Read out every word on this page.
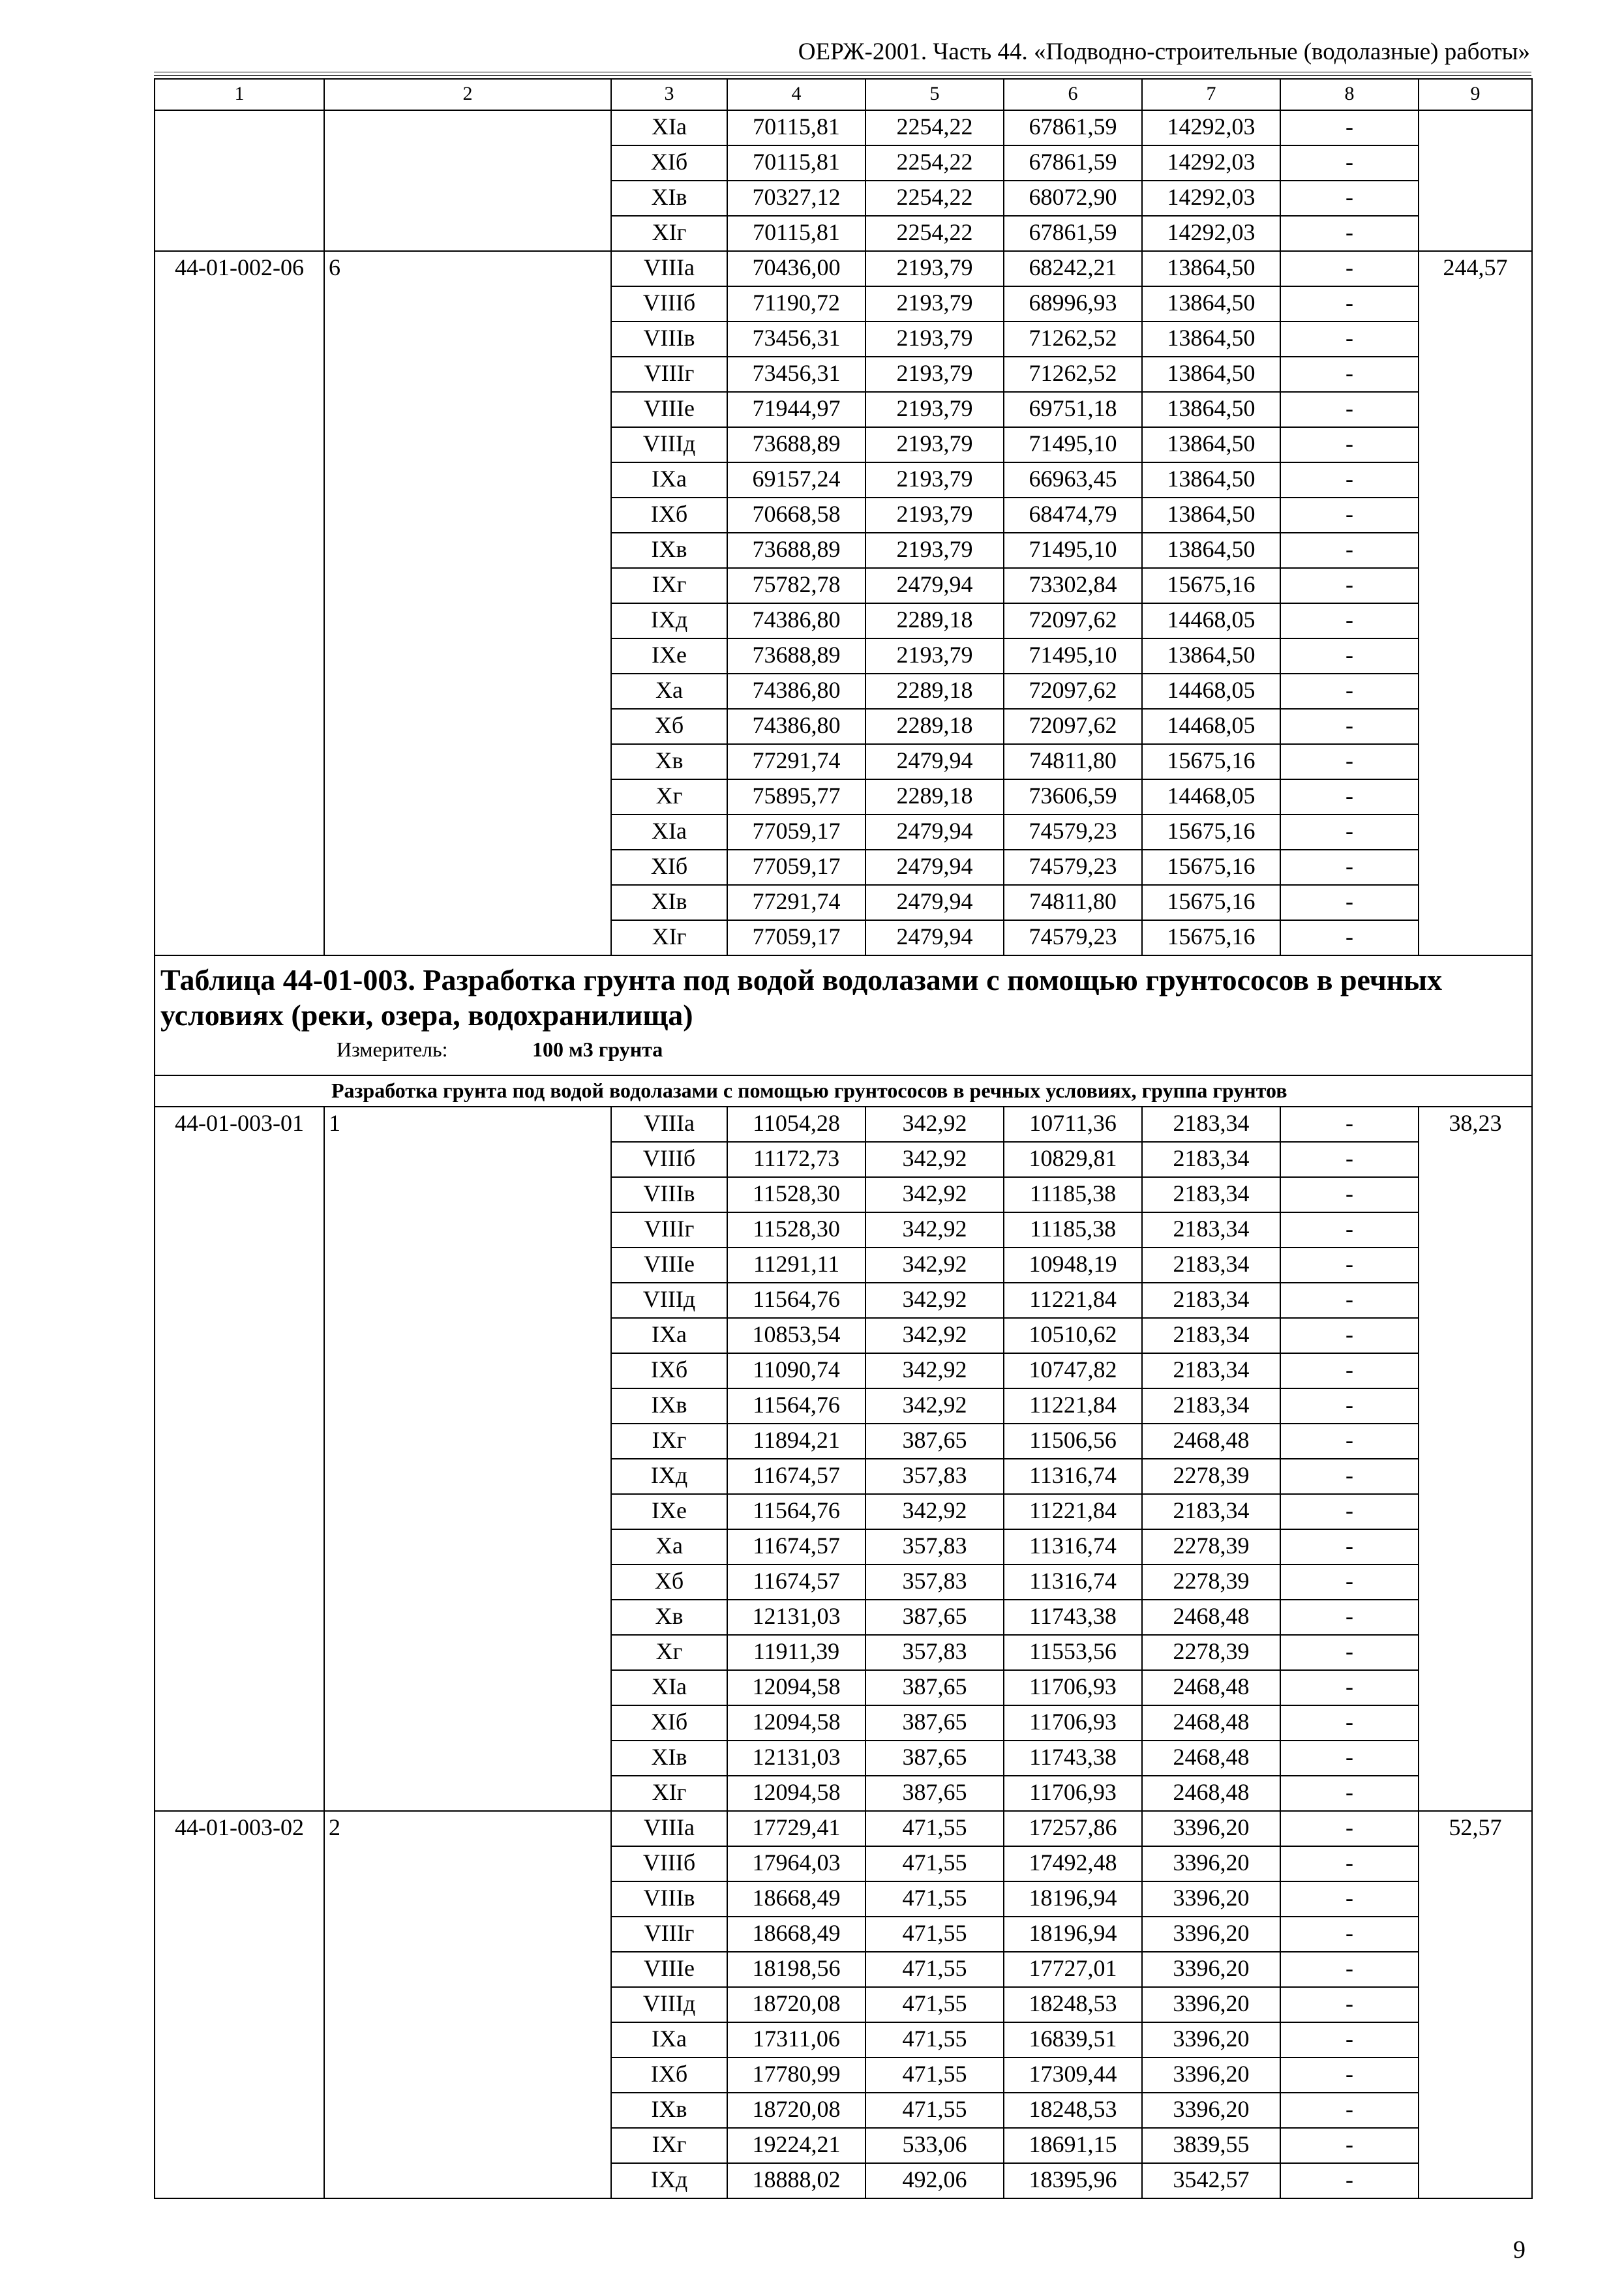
ОЕРЖ-2001. Часть 44. «Подводно-строительные (водолазные) работы»
1	2	3	4	5	6	7	8	9
		XIa	70115,81	2254,22	67861,59	14292,03	-	
		XIб	70115,81	2254,22	67861,59	14292,03	-	
		XIв	70327,12	2254,22	68072,90	14292,03	-	
		XIг	70115,81	2254,22	67861,59	14292,03	-	
44-01-002-06	6	VIIIa	70436,00	2193,79	68242,21	13864,50	-	244,57
		VIIIб	71190,72	2193,79	68996,93	13864,50	-	
		VIIIв	73456,31	2193,79	71262,52	13864,50	-	
		VIIIг	73456,31	2193,79	71262,52	13864,50	-	
		VIIIe	71944,97	2193,79	69751,18	13864,50	-	
		VIIIд	73688,89	2193,79	71495,10	13864,50	-	
		IXa	69157,24	2193,79	66963,45	13864,50	-	
		IXб	70668,58	2193,79	68474,79	13864,50	-	
		IXв	73688,89	2193,79	71495,10	13864,50	-	
		IXг	75782,78	2479,94	73302,84	15675,16	-	
		IXд	74386,80	2289,18	72097,62	14468,05	-	
		IXe	73688,89	2193,79	71495,10	13864,50	-	
		Xa	74386,80	2289,18	72097,62	14468,05	-	
		Xб	74386,80	2289,18	72097,62	14468,05	-	
		Xв	77291,74	2479,94	74811,80	15675,16	-	
		Xг	75895,77	2289,18	73606,59	14468,05	-	
		XIa	77059,17	2479,94	74579,23	15675,16	-	
		XIб	77059,17	2479,94	74579,23	15675,16	-	
		XIв	77291,74	2479,94	74811,80	15675,16	-	
		XIг	77059,17	2479,94	74579,23	15675,16	-	

Таблица 44-01-003. Разработка грунта под водой водолазами с помощью грунтососов в речных условиях (реки, озера, водохранилища)
Измеритель: 100 м3 грунта								

Разработка грунта под водой водолазами с помощью грунтососов в речных условиях, группа грунтов								
44-01-003-01	1	VIIIa	11054,28	342,92	10711,36	2183,34	-	38,23
		VIIIб	11172,73	342,92	10829,81	2183,34	-	
		VIIIв	11528,30	342,92	11185,38	2183,34	-	
		VIIIг	11528,30	342,92	11185,38	2183,34	-	
		VIIIe	11291,11	342,92	10948,19	2183,34	-	
		VIIIд	11564,76	342,92	11221,84	2183,34	-	
		IXa	10853,54	342,92	10510,62	2183,34	-	
		IXб	11090,74	342,92	10747,82	2183,34	-	
		IXв	11564,76	342,92	11221,84	2183,34	-	
		IXг	11894,21	387,65	11506,56	2468,48	-	
		IXд	11674,57	357,83	11316,74	2278,39	-	
		IXe	11564,76	342,92	11221,84	2183,34	-	
		Xa	11674,57	357,83	11316,74	2278,39	-	
		Xб	11674,57	357,83	11316,74	2278,39	-	
		Xв	12131,03	387,65	11743,38	2468,48	-	
		Xг	11911,39	357,83	11553,56	2278,39	-	
		XIa	12094,58	387,65	11706,93	2468,48	-	
		XIб	12094,58	387,65	11706,93	2468,48	-	
		XIв	12131,03	387,65	11743,38	2468,48	-	
		XIг	12094,58	387,65	11706,93	2468,48	-	
44-01-003-02	2	VIIIa	17729,41	471,55	17257,86	3396,20	-	52,57
		VIIIб	17964,03	471,55	17492,48	3396,20	-	
		VIIIв	18668,49	471,55	18196,94	3396,20	-	
		VIIIг	18668,49	471,55	18196,94	3396,20	-	
		VIIIe	18198,56	471,55	17727,01	3396,20	-	
		VIIIд	18720,08	471,55	18248,53	3396,20	-	
		IXa	17311,06	471,55	16839,51	3396,20	-	
		IXб	17780,99	471,55	17309,44	3396,20	-	
		IXв	18720,08	471,55	18248,53	3396,20	-	
		IXг	19224,21	533,06	18691,15	3839,55	-	
		IXд	18888,02	492,06	18395,96	3542,57	-	
9
